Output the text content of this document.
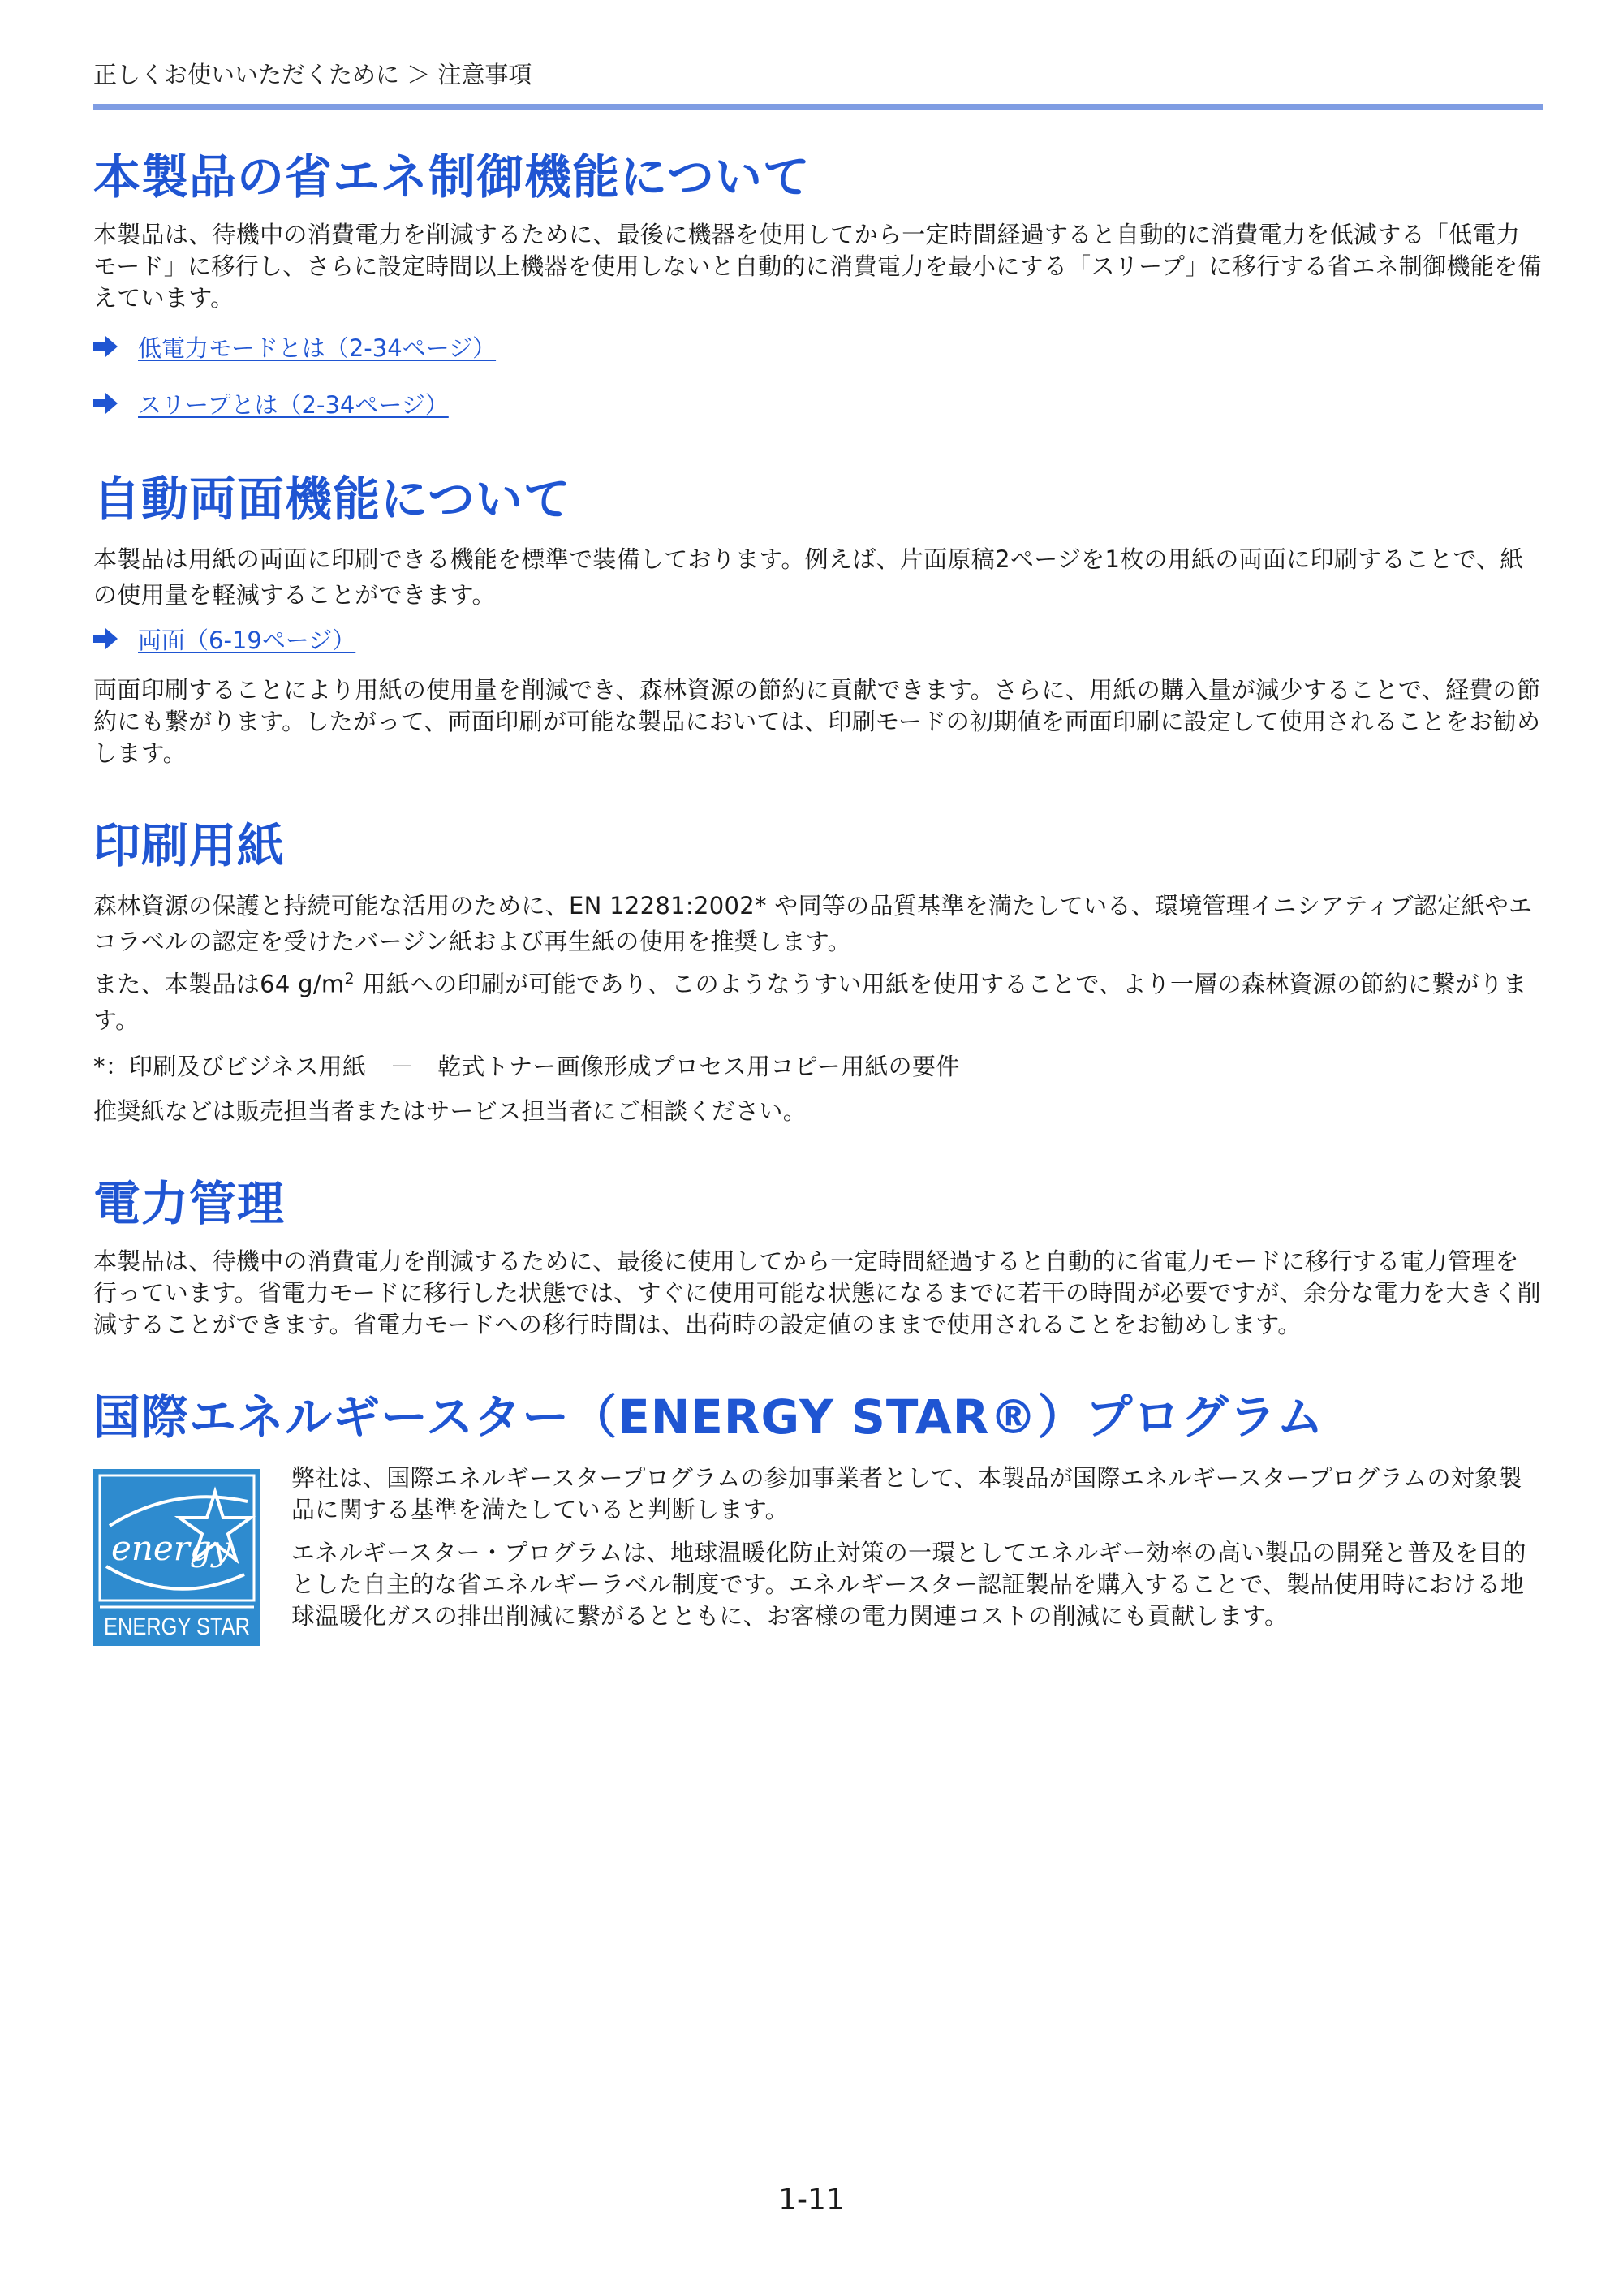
正しくお使いいただくために ＞ 注意事項
本製品の省エネ制御機能について

本製品は、待機中の消費電力を削減するために、最後に機器を使用してから一定時間経過すると自動的に消費電力を低減する「低電力モード」に移行し、さらに設定時間以上機器を使用しないと自動的に消費電力を最小にする「スリープ」に移行する省エネ制御機能を備えています。

低電力モードとは（2-34ページ）
スリープとは（2-34ページ）
自動両面機能について

本製品は用紙の両面に印刷できる機能を標準で装備しております。例えば、片面原稿2ページを1枚の用紙の両面に印刷することで、紙の使用量を軽減することができます。

両面（6-19ページ）

両面印刷することにより用紙の使用量を削減でき、森林資源の節約に貢献できます。さらに、用紙の購入量が減少することで、経費の節約にも繋がります。したがって、両面印刷が可能な製品においては、印刷モードの初期値を両面印刷に設定して使用されることをお勧めします。

印刷用紙

森林資源の保護と持続可能な活用のために、EN 12281:2002* や同等の品質基準を満たしている、環境管理イニシアティブ認定紙やエコラベルの認定を受けたバージン紙および再生紙の使用を推奨します。

また、本製品は64 $g/m^2$ 用紙への印刷が可能であり、このようなうすい用紙を使用することで、より一層の森林資源の節約に繋がります。

*：印刷及びビジネス用紙　－　乾式トナー画像形成プロセス用コピー用紙の要件

推奨紙などは販売担当者またはサービス担当者にご相談ください。

電力管理

本製品は、待機中の消費電力を削減するために、最後に使用してから一定時間経過すると自動的に省電力モードに移行する電力管理を行っています。省電力モードに移行した状態では、すぐに使用可能な状態になるまでに若干の時間が必要ですが、余分な電力を大きく削減することができます。省電力モードへの移行時間は、出荷時の設定値のままで使用されることをお勧めします。

国際エネルギースター（ENERGY STAR®）プログラム
energy
ENERGY STAR

弊社は、国際エネルギースタープログラムの参加事業者として、本製品が国際エネルギースタープログラムの対象製品に関する基準を満たしていると判断します。

エネルギースター・プログラムは、地球温暖化防止対策の一環としてエネルギー効率の高い製品の開発と普及を目的とした自主的な省エネルギーラベル制度です。エネルギースター認証製品を購入することで、製品使用時における地球温暖化ガスの排出削減に繋がるとともに、お客様の電力関連コストの削減にも貢献します。

1-11
